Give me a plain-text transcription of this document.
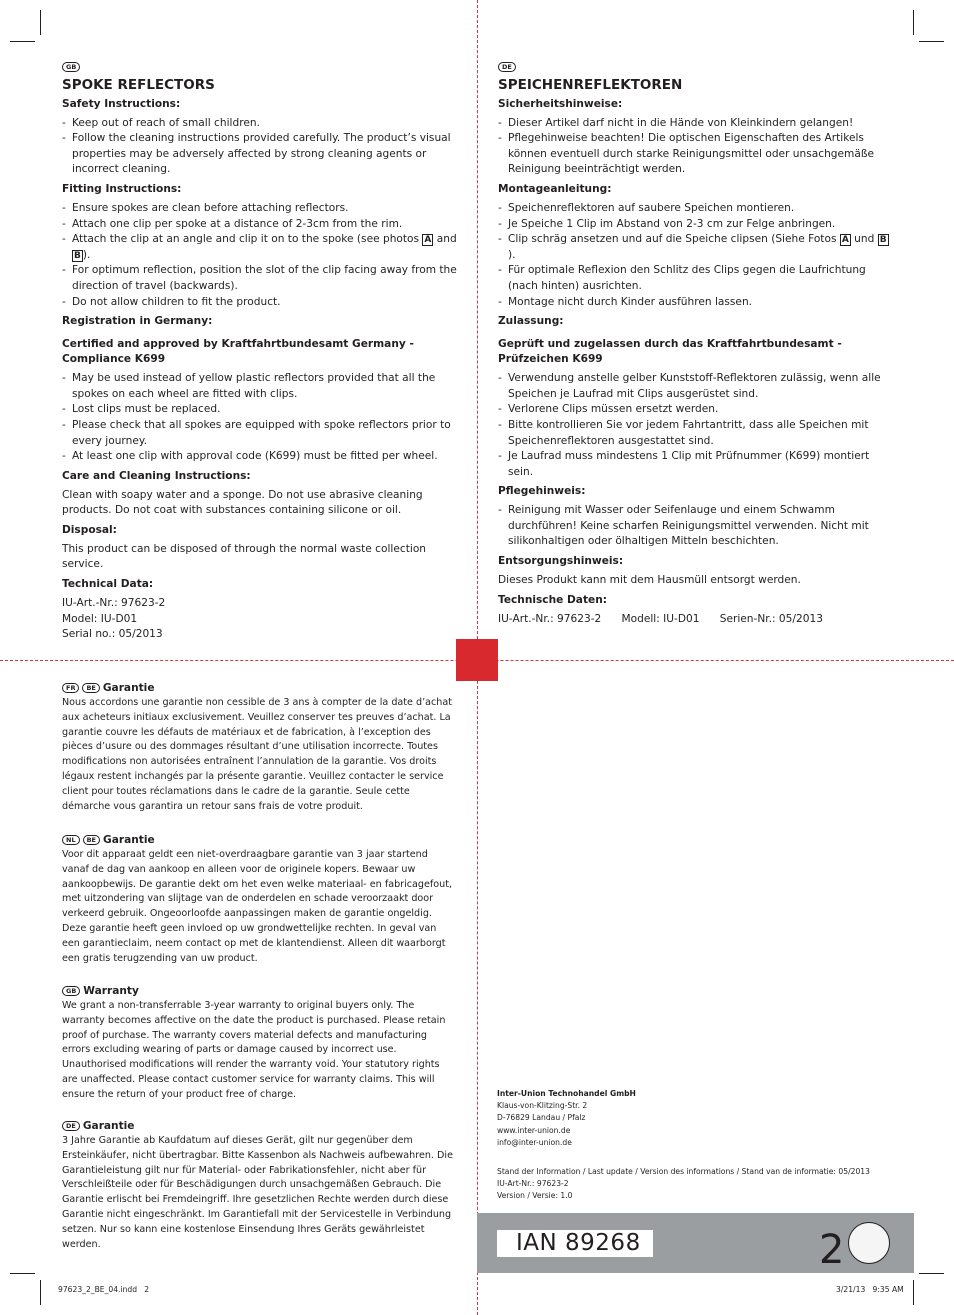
GB
SPOKE REFLECTORS
Safety Instructions:
- Keep out of reach of small children.
- Follow the cleaning instructions provided carefully. The product’s visual properties may be adversely affected by strong cleaning agents or incorrect cleaning.
Fitting Instructions:
- Ensure spokes are clean before attaching reflectors.
- Attach one clip per spoke at a distance of 2-3cm from the rim.
- Attach the clip at an angle and clip it on to the spoke (see photos A and B ).
- For optimum reflection, position the slot of the clip facing away from the direction of travel (backwards).
- Do not allow children to fit the product.
Registration in Germany:
Certified and approved by Kraftfahrtbundesamt Germany - Compliance K699
- May be used instead of yellow plastic reflectors provided that all the spokes on each wheel are fitted with clips.
- Lost clips must be replaced.
- Please check that all spokes are equipped with spoke reflectors prior to every journey.
- At least one clip with approval code (K699) must be fitted per wheel.
Care and Cleaning Instructions:

Clean with soapy water and a sponge. Do not use abrasive cleaning products. Do not coat with substances containing silicone or oil.

Disposal:

This product can be disposed of through the normal waste collection service.

Technical Data:
IU-Art.-Nr.: 97623-2
Model: IU-D01
Serial no.: 05/2013
DE
SPEICHENREFLEKTOREN
Sicherheitshinweise:
- Dieser Artikel darf nicht in die Hände von Kleinkindern gelangen!
- Pflegehinweise beachten! Die optischen Eigenschaften des Artikels können eventuell durch starke Reinigungsmittel oder unsachgemäße Reinigung beeinträchtigt werden.
Montageanleitung:
- Speichenreflektoren auf saubere Speichen montieren.
- Je Speiche 1 Clip im Abstand von 2-3 cm zur Felge anbringen.
- Clip schräg ansetzen und auf die Speiche clipsen (Siehe Fotos A und B).
- Für optimale Reflexion den Schlitz des Clips gegen die Laufrichtung (nach hinten) ausrichten.
- Montage nicht durch Kinder ausführen lassen.
Zulassung:
Geprüft und zugelassen durch das Kraftfahrtbundesamt - Prüfzeichen K699
- Verwendung anstelle gelber Kunststoff-Reflektoren zulässig, wenn alle Speichen je Laufrad mit Clips ausgerüstet sind.
- Verlorene Clips müssen ersetzt werden.
- Bitte kontrollieren Sie vor jedem Fahrtantritt, dass alle Speichen mit Speichenreflektoren ausgestattet sind.
- Je Laufrad muss mindestens 1 Clip mit Prüfnummer (K699) montiert sein.
Pflegehinweis:
- Reinigung mit Wasser oder Seifenlauge und einem Schwamm durchführen! Keine scharfen Reinigungsmittel verwenden. Nicht mit silikonhaltigen oder ölhaltigen Mitteln beschichten.
Entsorgungshinweis:

Dieses Produkt kann mit dem Hausmüll entsorgt werden.

Technische Daten:
IU-Art.-Nr.: 97623-2      Modell: IU-D01      Serien-Nr.: 05/2013
FR BE Garantie
Nous accordons une garantie non cessible de 3 ans à compter de la date d’achat aux acheteurs initiaux exclusivement. Veuillez conserver tes preuves d’achat. La garantie couvre les défauts de matériaux et de fabrication, à l’exception des pièces d’usure ou des dommages résultant d’une utilisation incorrecte. Toutes modifications non autorisées entraînent l’annulation de la garantie. Vos droits légaux restent inchangés par la présente garantie. Veuillez contacter le service client pour toutes réclamations dans le cadre de la garantie. Seule cette démarche vous garantira un retour sans frais de votre produit.
NL BE Garantie
Voor dit apparaat geldt een niet-overdraagbare garantie van 3 jaar startend vanaf de dag van aankoop en alleen voor de originele kopers. Bewaar uw aankoopbewijs. De garantie dekt om het even welke materiaal- en fabricagefout, met uitzondering van slijtage van de onderdelen en schade veroorzaakt door verkeerd gebruik. Ongeoorloofde aanpassingen maken de garantie ongeldig. Deze garantie heeft geen invloed op uw grondwettelijke rechten. In geval van een garantieclaim, neem contact op met de klantendienst. Alleen dit waarborgt een gratis terugzending van uw product.
GB Warranty
We grant a non-transferrable 3-year warranty to original buyers only. The warranty becomes affective on the date the product is purchased. Please retain proof of purchase. The warranty covers material defects and manufacturing errors excluding wearing of parts or damage caused by incorrect use. Unauthorised modifications will render the warranty void. Your statutory rights are unaffected. Please contact customer service for warranty claims. This will ensure the return of your product free of charge.
DE Garantie
3 Jahre Garantie ab Kaufdatum auf dieses Gerät, gilt nur gegenüber dem Ersteinkäufer, nicht übertragbar. Bitte Kassenbon als Nachweis aufbewahren. Die Garantieleistung gilt nur für Material- oder Fabrikationsfehler, nicht aber für Verschleißteile oder für Beschädigungen durch unsachgemäßen Gebrauch. Die Garantie erlischt bei Fremdeingriff. Ihre gesetzlichen Rechte werden durch diese Garantie nicht eingeschränkt. Im Garantiefall mit der Servicestelle in Verbindung setzen. Nur so kann eine kostenlose Einsendung Ihres Geräts gewährleistet werden.
Inter-Union Technohandel GmbH
Klaus-von-Klitzing-Str. 2
D-76829 Landau / Pfalz
www.inter-union.de
info@inter-union.de
Stand der Information / Last update / Version des informations / Stand van de informatie: 05/2013
IU-Art-Nr.: 97623-2
Version / Versie: 1.0
IAN 89268	2
97623_2_BE_04.indd   2	3/21/13   9:35 AM
